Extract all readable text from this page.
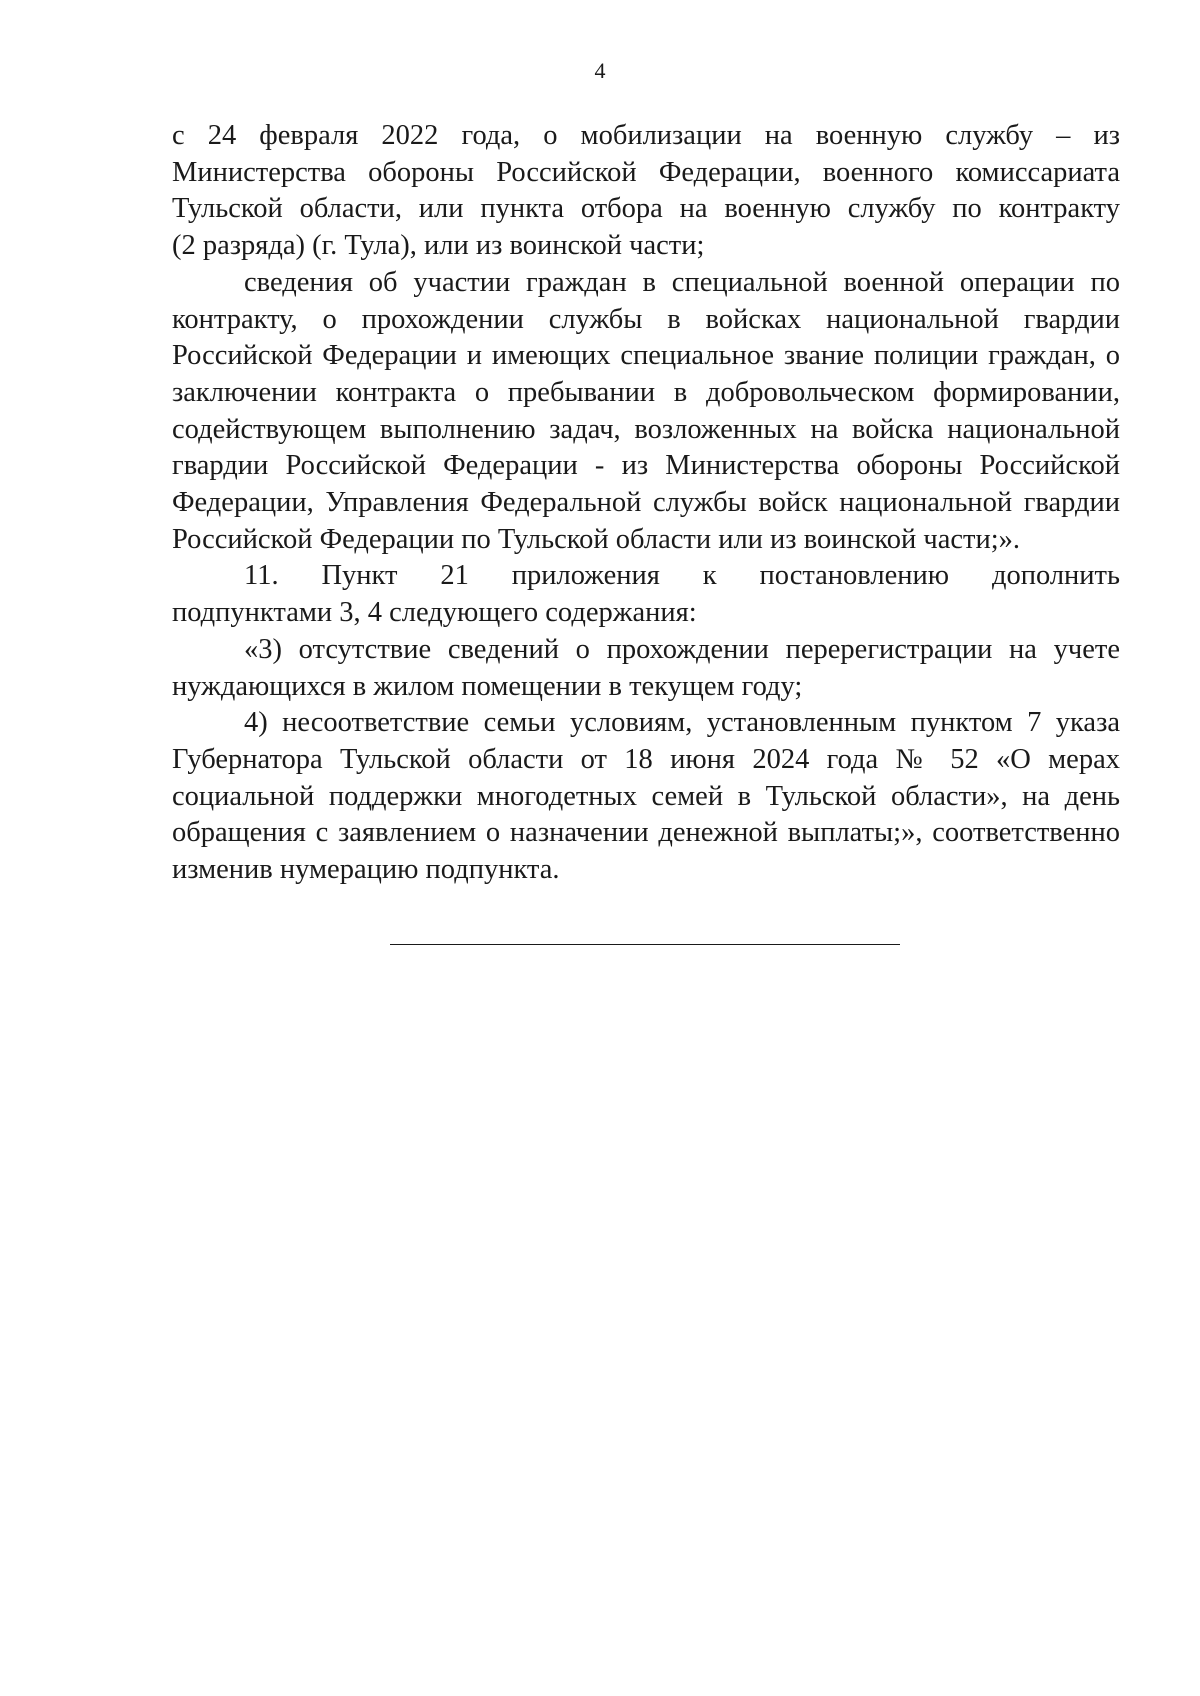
4

с 24 февраля 2022 года, о мобилизации на военную службу – из Министерства обороны Российской Федерации, военного комиссариата Тульской области, или пункта отбора на военную службу по контракту
(2 разряда) (г. Тула), или из воинской части;

сведения об участии граждан в специальной военной операции по контракту, о прохождении службы в войсках национальной гвардии Российской Федерации и имеющих специальное звание полиции граждан, о заключении контракта о пребывании в добровольческом формировании, содействующем выполнению задач, возложенных на войска национальной гвардии Российской Федерации - из Министерства обороны Российской Федерации, Управления Федеральной службы войск национальной гвардии Российской Федерации по Тульской области или из воинской части;».

11. Пункт 21 приложения к постановлению дополнить
подпунктами 3, 4 следующего содержания:

«3) отсутствие сведений о прохождении перерегистрации на учете нуждающихся в жилом помещении в текущем году;

4) несоответствие семьи условиям, установленным пунктом 7 указа Губернатора Тульской области от 18 июня 2024 года № 52 «О мерах социальной поддержки многодетных семей в Тульской области», на день обращения с заявлением о назначении денежной выплаты;», соответственно изменив нумерацию подпункта.
